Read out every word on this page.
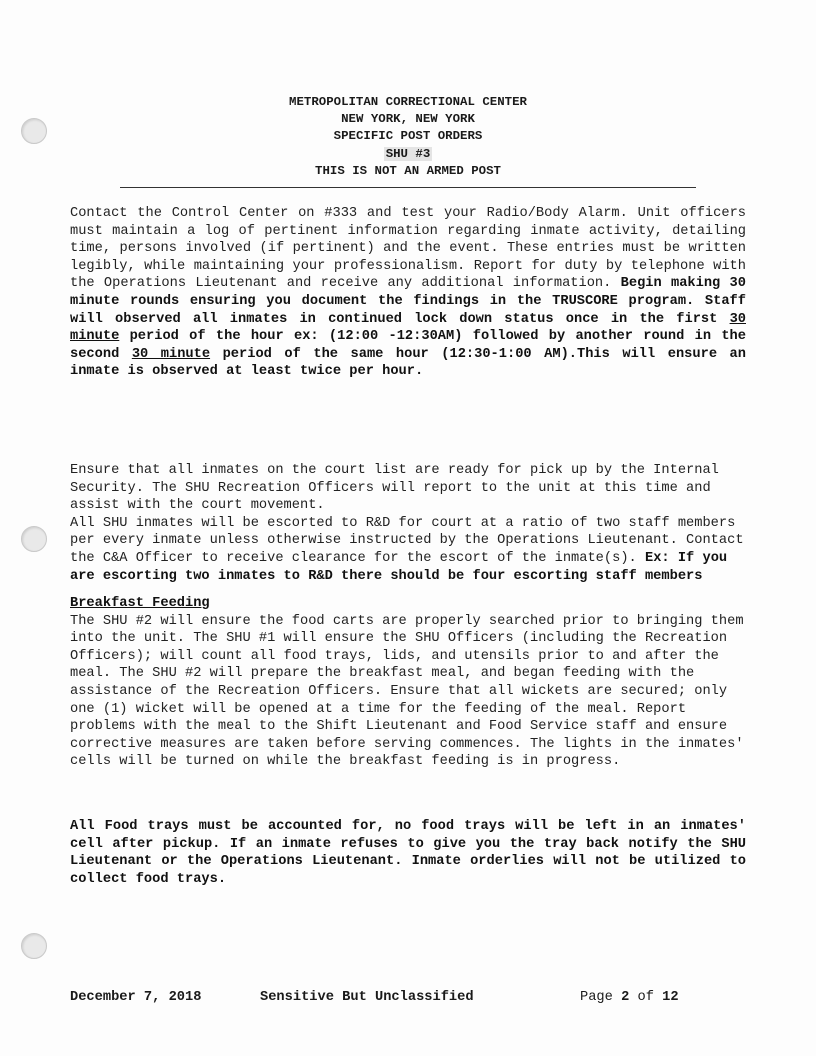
METROPOLITAN CORRECTIONAL CENTER
NEW YORK, NEW YORK
SPECIFIC POST ORDERS
SHU #3
THIS IS NOT AN ARMED POST

Contact the Control Center on #333 and test your Radio/Body Alarm. Unit officers must maintain a log of pertinent information regarding inmate activity, detailing time, persons involved (if pertinent) and the event. These entries must be written legibly, while maintaining your professionalism. Report for duty by telephone with the Operations Lieutenant and receive any additional information. Begin making 30 minute rounds ensuring you document the findings in the TRUSCORE program. Staff will observed all inmates in continued lock down status once in the first 30 minute period of the hour ex: (12:00 -12:30AM) followed by another round in the second 30 minute period of the same hour (12:30-1:00 AM).This will ensure an inmate is observed at least twice per hour.

Ensure that all inmates on the court list are ready for pick up by the Internal Security. The SHU Recreation Officers will report to the unit at this time and assist with the court movement.

All SHU inmates will be escorted to R&D for court at a ratio of two staff members per every inmate unless otherwise instructed by the Operations Lieutenant. Contact the C&A Officer to receive clearance for the escort of the inmate(s). Ex: If you are escorting two inmates to R&D there should be four escorting staff members

Breakfast Feeding

The SHU #2 will ensure the food carts are properly searched prior to bringing them into the unit. The SHU #1 will ensure the SHU Officers (including the Recreation Officers); will count all food trays, lids, and utensils prior to and after the meal. The SHU #2 will prepare the breakfast meal, and began feeding with the assistance of the Recreation Officers. Ensure that all wickets are secured; only one (1) wicket will be opened at a time for the feeding of the meal. Report problems with the meal to the Shift Lieutenant and Food Service staff and ensure corrective measures are taken before serving commences. The lights in the inmates' cells will be turned on while the breakfast feeding is in progress.

All Food trays must be accounted for, no food trays will be left in an inmates' cell after pickup. If an inmate refuses to give you the tray back notify the SHU Lieutenant or the Operations Lieutenant. Inmate orderlies will not be utilized to collect food trays.

December 7, 2018	Sensitive But Unclassified	Page 2 of 12
